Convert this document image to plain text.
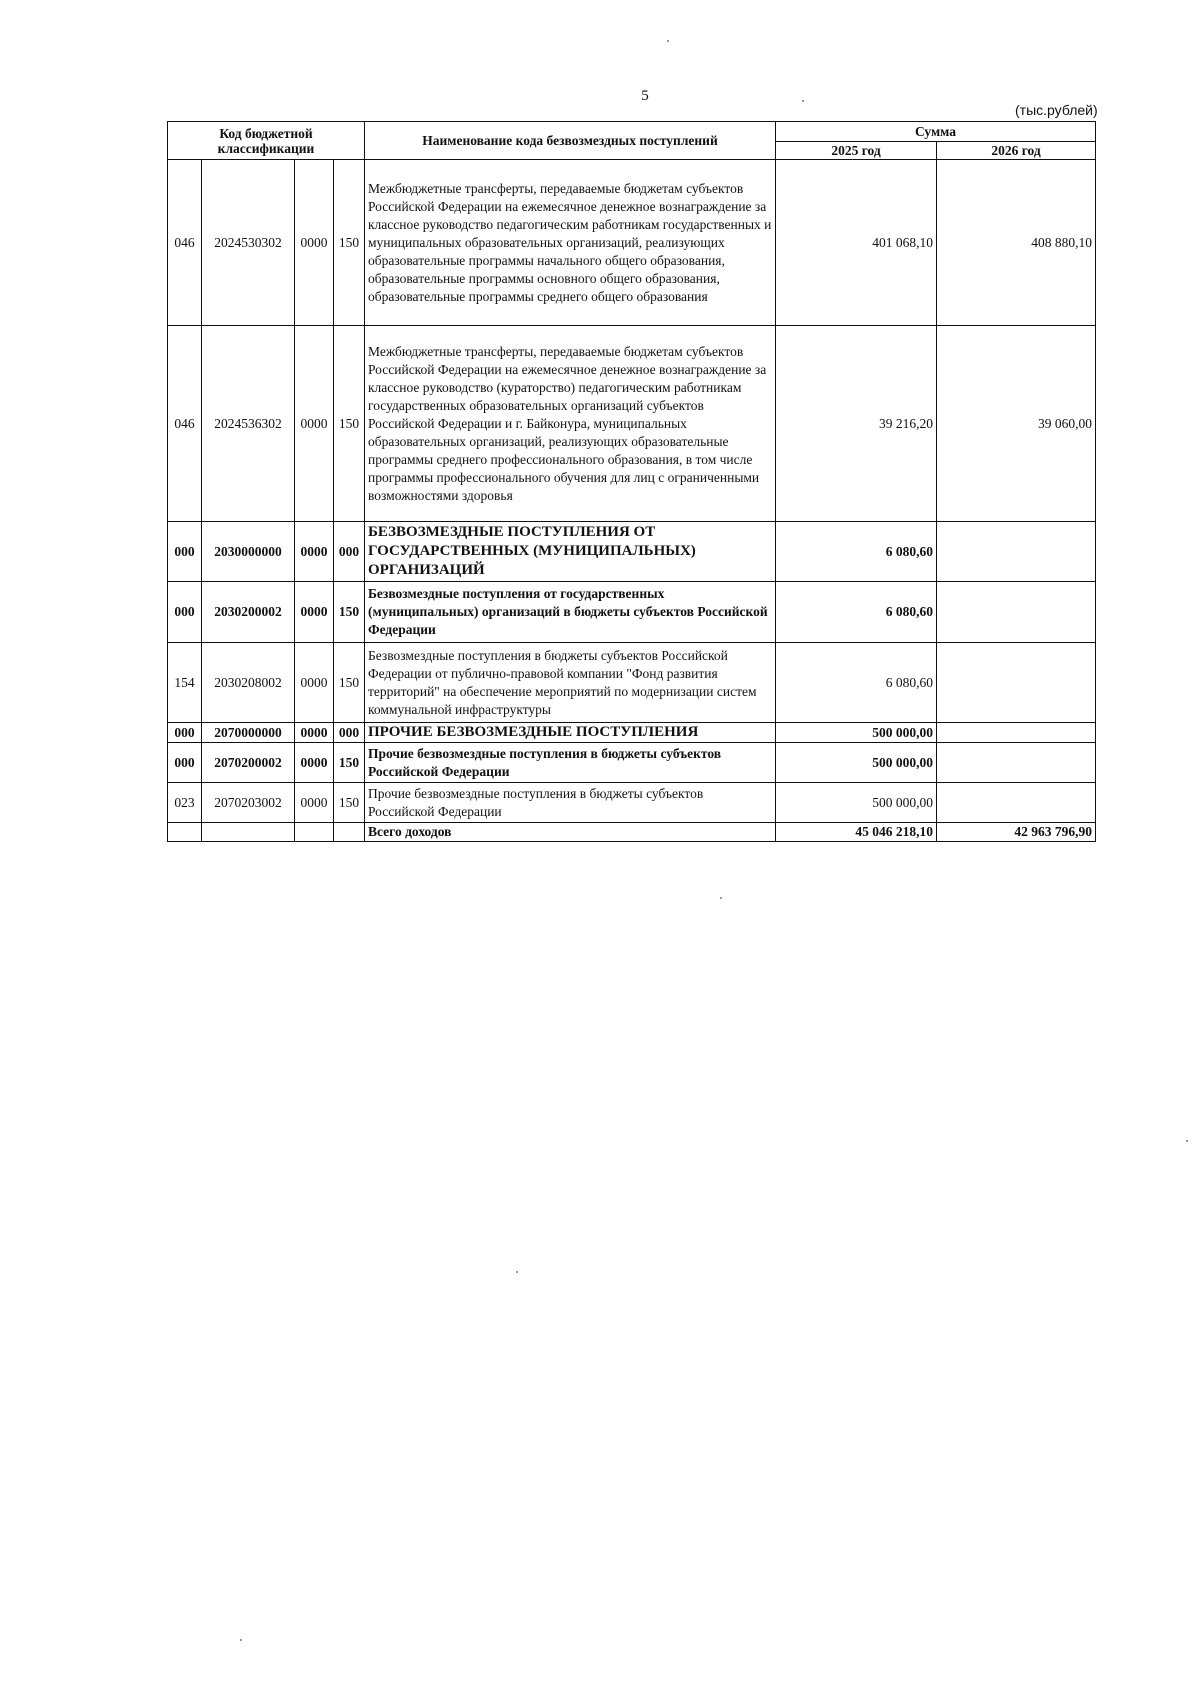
5
(тыс.рублей)
Код бюджетной классификации				Наименование кода безвозмездных поступлений	Сумма	
					2025 год	2026 год
046	2024530302	0000	150	Межбюджетные трансферты, передаваемые бюджетам субъектов Российской Федерации на ежемесячное денежное вознаграждение за классное руководство педагогическим работникам государственных и муниципальных образовательных организаций, реализующих образовательные программы начального общего образования, образовательные программы основного общего образования, образовательные программы среднего общего образования	401 068,10	408 880,10
046	2024536302	0000	150	Межбюджетные трансферты, передаваемые бюджетам субъектов Российской Федерации на ежемесячное денежное вознаграждение за классное руководство (кураторство) педагогическим работникам государственных образовательных организаций субъектов Российской Федерации и г. Байконура, муниципальных образовательных организаций, реализующих образовательные программы среднего профессионального образования, в том числе программы профессионального обучения для лиц с ограниченными возможностями здоровья	39 216,20	39 060,00
000	2030000000	0000	000	БЕЗВОЗМЕЗДНЫЕ ПОСТУПЛЕНИЯ ОТ ГОСУДАРСТВЕННЫХ (МУНИЦИПАЛЬНЫХ) ОРГАНИЗАЦИЙ	6 080,60	
000	2030200002	0000	150	Безвозмездные поступления от государственных (муниципальных) организаций в бюджеты субъектов Российской Федерации	6 080,60	
154	2030208002	0000	150	Безвозмездные поступления в бюджеты субъектов Российской Федерации от публично-правовой компании "Фонд развития территорий" на обеспечение мероприятий по модернизации систем коммунальной инфраструктуры	6 080,60	
000	2070000000	0000	000	ПРОЧИЕ БЕЗВОЗМЕЗДНЫЕ ПОСТУПЛЕНИЯ	500 000,00	
000	2070200002	0000	150	Прочие безвозмездные поступления в бюджеты субъектов Российской Федерации	500 000,00	
023	2070203002	0000	150	Прочие безвозмездные поступления в бюджеты субъектов Российской Федерации	500 000,00	
				Всего доходов	45 046 218,10	42 963 796,90
